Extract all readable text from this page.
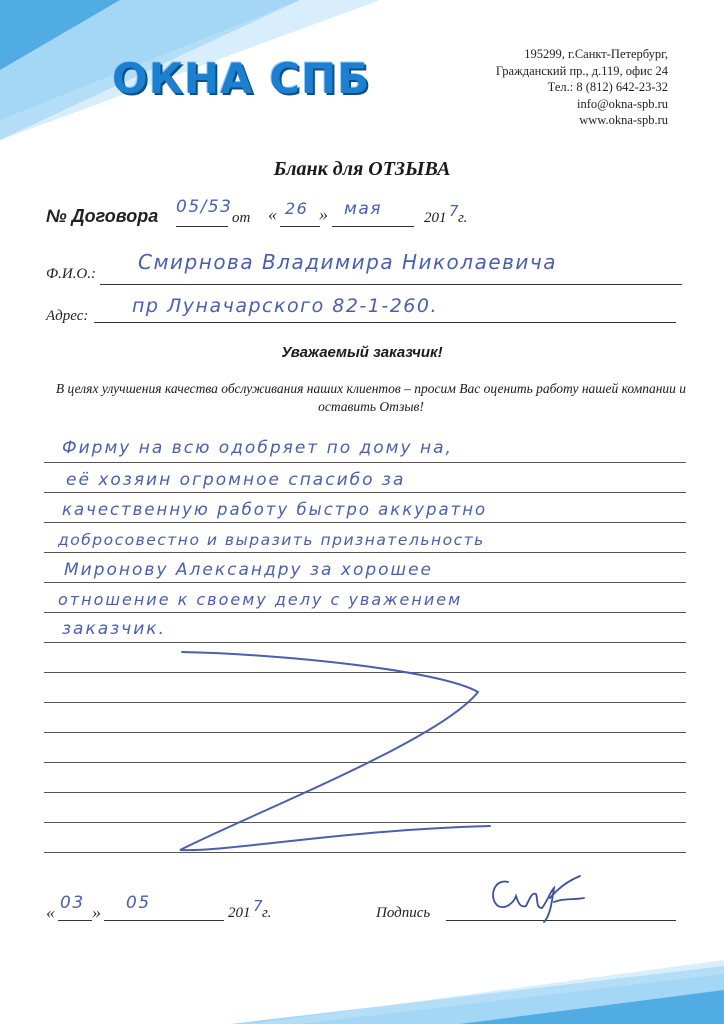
ОКНА СПБ	195299, г.Санкт-Петербург,
Гражданский пр., д.119, офис 24
Тел.: 8 (812) 642-23-32
info@okna-spb.ru
www.okna-spb.ru
Бланк для ОТЗЫВА
№ Договора 05/53
от « 26 » мая	201 7
г.
Ф.И.О.: Смирнова Владимира Николаевича
Адрес: пр Луначарского 82-1-260.
Уважаемый заказчик!
В целях улучшения качества обслуживания наших клиентов – просим Вас оценить работу нашей компании и оставить Отзыв!
Фирму на всю одобряет по дому на,
её хозяин огромное спасибо за
качественную работу быстро аккуратно
добросовестно и выразить признательность
Миронову Александру за хорошее
отношение к своему делу с уважением
заказчик.
« 03 » 05	201 7
г.	Подпись
